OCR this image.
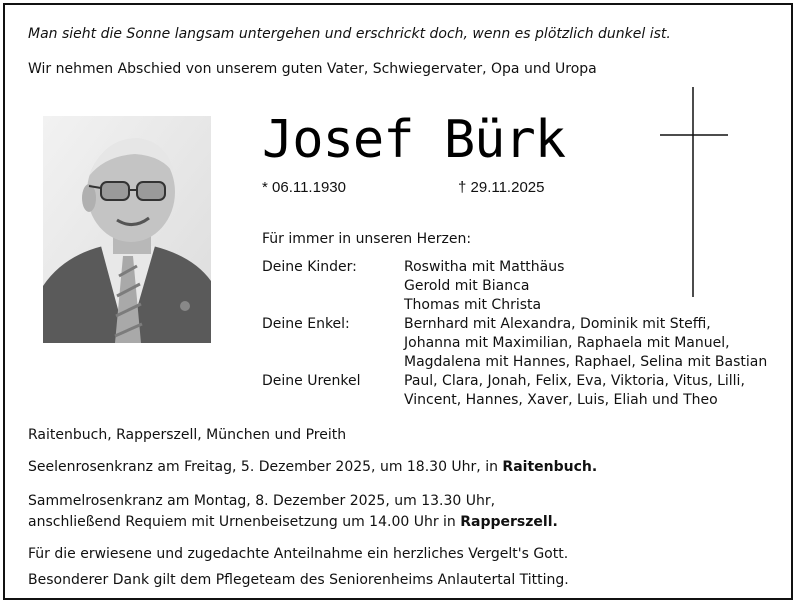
Man sieht die Sonne langsam untergehen und erschrickt doch, wenn es plötzlich dunkel ist.
Wir nehmen Abschied von unserem guten Vater, Schwiegervater, Opa und Uropa
Josef Bürk
* 06.11.1930	† 29.11.2025
Für immer in unseren Herzen:
Deine Kinder:	Roswitha mit Matthäus
Gerold mit Bianca
Thomas mit Christa
Deine Enkel:	Bernhard mit Alexandra, Dominik mit Steffi,
Johanna mit Maximilian, Raphaela mit Manuel,
Magdalena mit Hannes, Raphael, Selina mit Bastian
Deine Urenkel	Paul, Clara, Jonah, Felix, Eva, Viktoria, Vitus, Lilli,
Vincent, Hannes, Xaver, Luis, Eliah und Theo
Raitenbuch, Rapperszell, München und Preith
Seelenrosenkranz am Freitag, 5. Dezember 2025, um 18.30 Uhr, in Raitenbuch.
Sammelrosenkranz am Montag, 8. Dezember 2025, um 13.30 Uhr,
anschließend Requiem mit Urnenbeisetzung um 14.00 Uhr in Rapperszell.
Für die erwiesene und zugedachte Anteilnahme ein herzliches Vergelt's Gott.
Besonderer Dank gilt dem Pflegeteam des Seniorenheims Anlautertal Titting.
